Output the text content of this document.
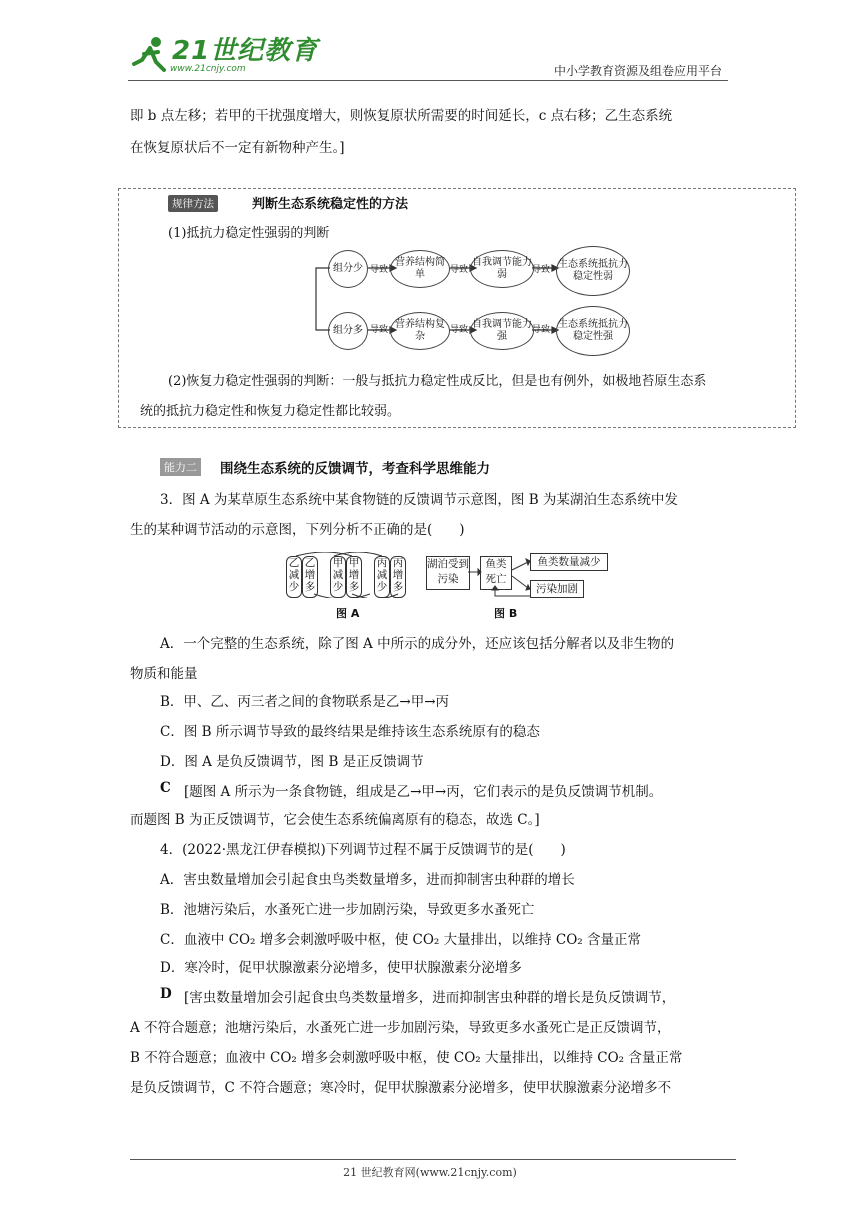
21世纪教育
www.21cnjy.com	中小学教育资源及组卷应用平台
即 b 点左移；若甲的干扰强度增大，则恢复原状所需要的时间延长，c 点右移；乙生态系统
在恢复原状后不一定有新物种产生。]
规律方法	判断生态系统稳定性的方法
(1)抵抗力稳定性强弱的判断
导致	导致	导致
导致	导致	导致
组分少
营养结构简单
自我调节能力弱
生态系统抵抗力稳定性弱
组分多
营养结构复杂
自我调节能力强
生态系统抵抗力稳定性强
(2)恢复力稳定性强弱的判断：一般与抵抗力稳定性成反比，但是也有例外，如极地苔原生态系
统的抵抗力稳定性和恢复力稳定性都比较弱。
能力二 围绕生态系统的反馈调节，考查科学思维能力
3．图 A 为某草原生态系统中某食物链的反馈调节示意图，图 B 为某湖泊生态系统中发
生的某种调节活动的示意图，下列分析不正确的是(　　)
乙减少
乙增多
甲减少
甲增多
丙减少
丙增多
图 A
湖泊受到污染
鱼类死亡
鱼类数量减少
污染加剧
图 B
A．一个完整的生态系统，除了图 A 中所示的成分外，还应该包括分解者以及非生物的
物质和能量
B．甲、乙、丙三者之间的食物联系是乙→甲→丙
C．图 B 所示调节导致的最终结果是维持该生态系统原有的稳态
D．图 A 是负反馈调节，图 B 是正反馈调节
C [题图 A 所示为一条食物链，组成是乙→甲→丙，它们表示的是负反馈调节机制。
而题图 B 为正反馈调节，它会使生态系统偏离原有的稳态，故选 C。]
4．(2022·黑龙江伊春模拟)下列调节过程不属于反馈调节的是(　　)
A．害虫数量增加会引起食虫鸟类数量增多，进而抑制害虫种群的增长
B．池塘污染后，水蚤死亡进一步加剧污染，导致更多水蚤死亡
C．血液中 CO₂ 增多会刺激呼吸中枢，使 CO₂ 大量排出，以维持 CO₂ 含量正常
D．寒冷时，促甲状腺激素分泌增多，使甲状腺激素分泌增多
D [害虫数量增加会引起食虫鸟类数量增多，进而抑制害虫种群的增长是负反馈调节，
A 不符合题意；池塘污染后，水蚤死亡进一步加剧污染，导致更多水蚤死亡是正反馈调节，
B 不符合题意；血液中 CO₂ 增多会刺激呼吸中枢，使 CO₂ 大量排出，以维持 CO₂ 含量正常
是负反馈调节，C 不符合题意；寒冷时，促甲状腺激素分泌增多，使甲状腺激素分泌增多不
21 世纪教育网(www.21cnjy.com)
